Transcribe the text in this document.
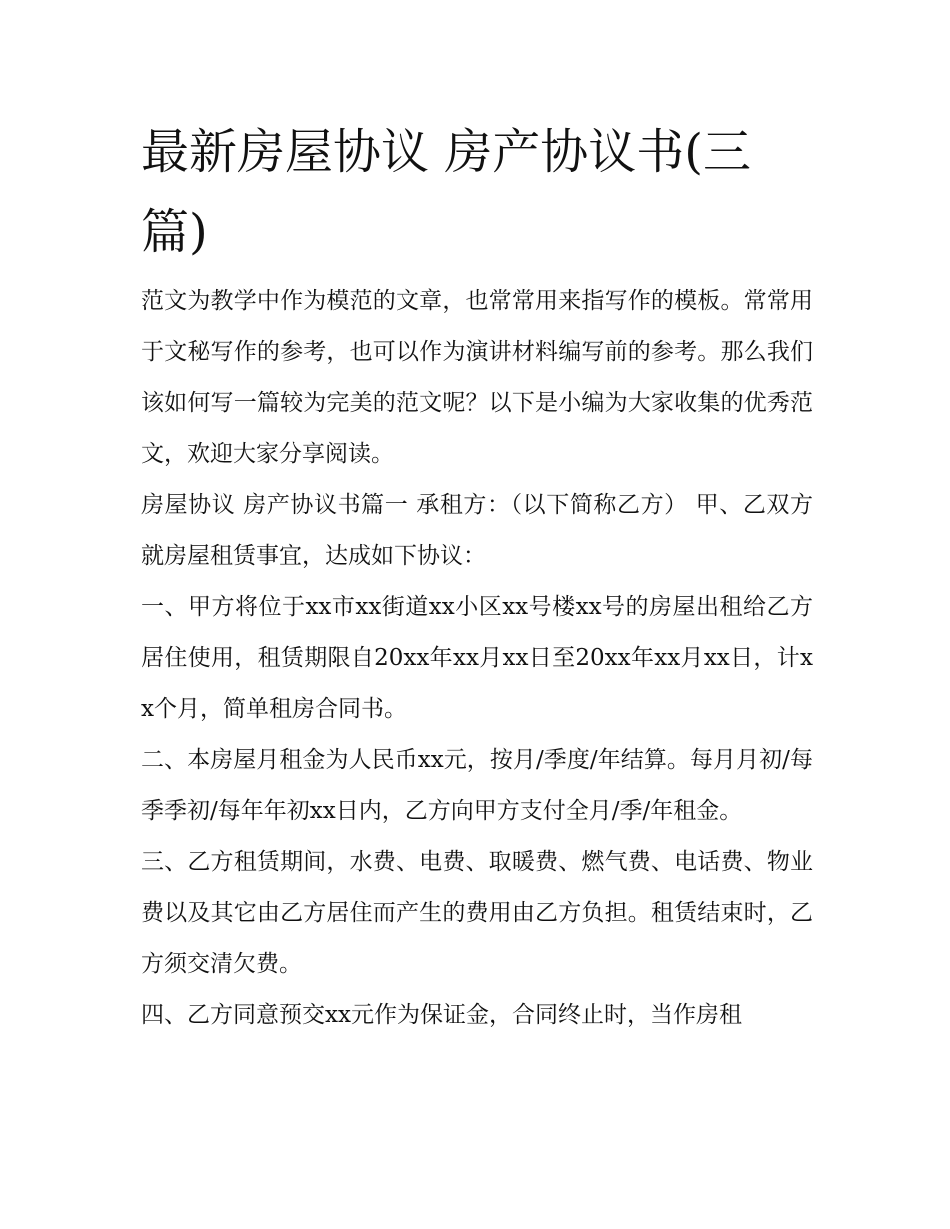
最新房屋协议 房产协议书(三篇)

范文为教学中作为模范的文章，也常常用来指写作的模板。常常用于文秘写作的参考，也可以作为演讲材料编写前的参考。那么我们该如何写一篇较为完美的范文呢？以下是小编为大家收集的优秀范文，欢迎大家分享阅读。

房屋协议 房产协议书篇一 承租方：（以下简称乙方） 甲、乙双方就房屋租赁事宜，达成如下协议：

一、甲方将位于xx市xx街道xx小区xx号楼xx号的房屋出租给乙方居住使用，租赁期限自20xx年xx月xx日至20xx年xx月xx日，计xx个月，简单租房合同书。

二、本房屋月租金为人民币xx元，按月/季度/年结算。每月月初/每季季初/每年年初xx日内，乙方向甲方支付全月/季/年租金。

三、乙方租赁期间，水费、电费、取暖费、燃气费、电话费、物业费以及其它由乙方居住而产生的费用由乙方负担。租赁结束时，乙方须交清欠费。

四、乙方同意预交xx元作为保证金，合同终止时，当作房租
